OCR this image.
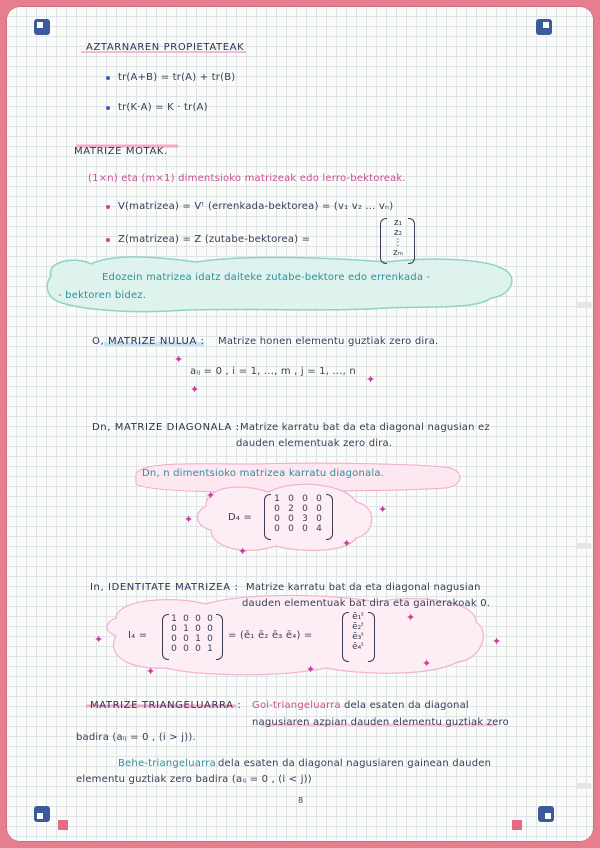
AZTARNAREN PROPIETATEAK
tr(A+B) = tr(A) + tr(B)
tr(K·A) = K · tr(A)
MATRIZE MOTAK.
(1×n) eta (m×1) dimentsioko matrizeak edo lerro-bektoreak.
V(matrizea) = Vᵗ (errenkada-bektorea) = (v₁ v₂ ... vₙ)
Z(matrizea) = Z (zutabe-bektorea) =
z₁
z₂
⋮
zₘ
Edozein matrizea idatz daiteke zutabe-bektore edo errenkada -
- bektoren bidez.
O, MATRIZE NULUA : Matrize honen elementu guztiak zero dira.
aᵢⱼ = 0 , i = 1, ..., m , j = 1, ..., n
✦
✦
✦
Dn, MATRIZE DIAGONALA : Matrize karratu bat da eta diagonal nagusian ez
dauden elementuak zero dira.
Dn, n dimentsioko matrizea karratu diagonala.
D₄ =
1 0 0 0
0 2 0 0
0 0 3 0
0 0 0 4
✦
✦
✦
✦
✦
In, IDENTITATE MATRIZEA : Matrize karratu bat da eta diagonal nagusian
dauden elementuak bat dira eta gainerakoak 0.
I₄ =
1 0 0 0
0 1 0 0
0 0 1 0
0 0 0 1
= (ē₁ ē₂ ē₃ ē₄) =
ē₁ᵗ
ē₂ᵗ
ē₃ᵗ
ē₄ᵗ
✦
✦	✦
✦
✦
✦
MATRIZE TRIANGELUARRA : Goi-triangeluarra dela esaten da diagonal
nagusiaren azpian dauden elementu guztiak zero
badira (aᵢⱼ = 0 , (i > j)).
Behe-triangeluarra dela esaten da diagonal nagusiaren gainean dauden
elementu guztiak zero badira (aᵢⱼ = 0 , (i < j))
8
